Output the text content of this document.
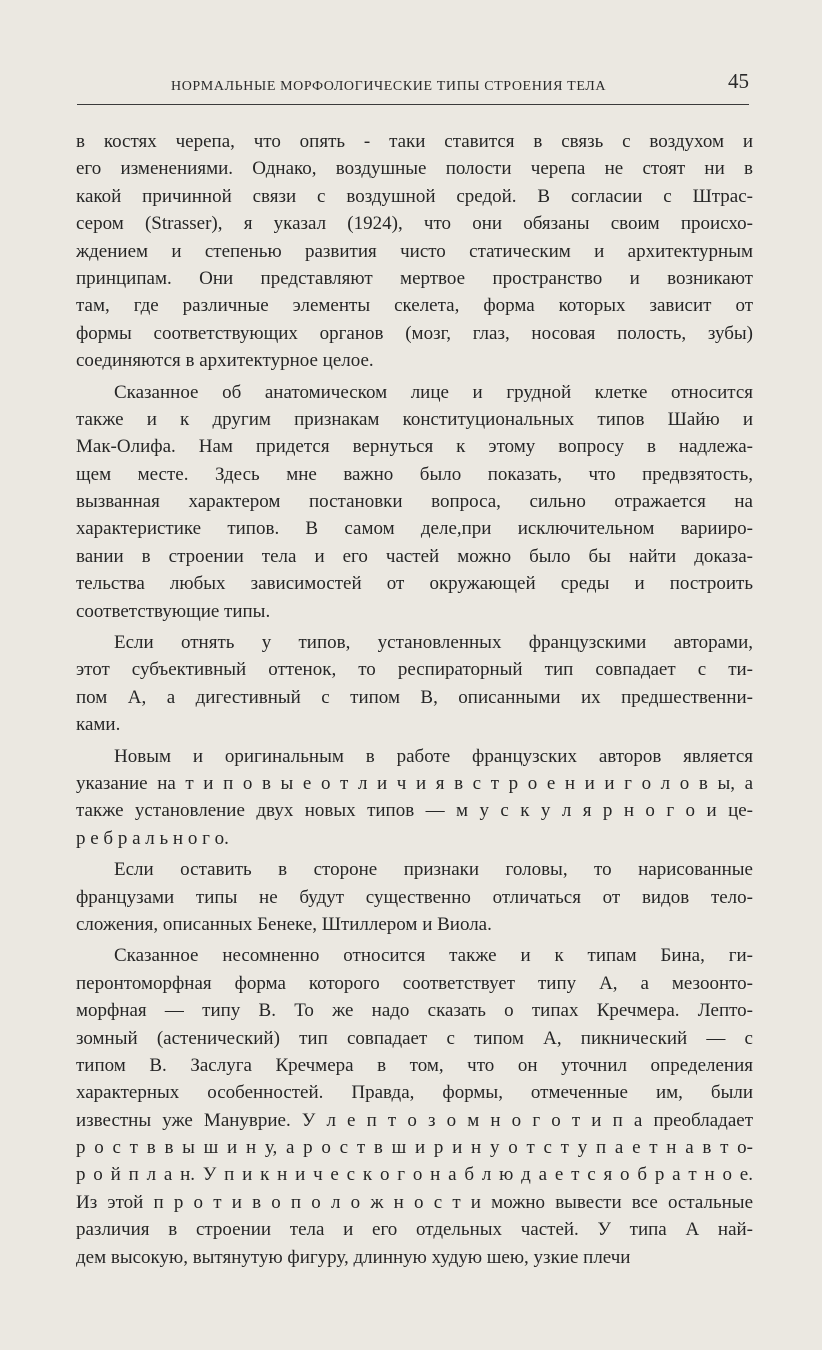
НОРМАЛЬНЫЕ МОРФОЛОГИЧЕСКИЕ ТИПЫ СТРОЕНИЯ ТЕЛА	45
в костях черепа, что опять - таки ставится в связь с воздухом и
его изменениями. Однако, воздушные полости черепа не стоят ни в
какой причинной связи с воздушной средой. В согласии с Штрас-
сером (Strasser), я указал (1924), что они обязаны своим происхо-
ждением и степенью развития чисто статическим и архитектурным
принципам. Они представляют мертвое пространство и возникают
там, где различные элементы скелета, форма которых зависит от
формы соответствующих органов (мозг, глаз, носовая полость, зубы)
соединяются в архитектурное целое.
Сказанное об анатомическом лице и грудной клетке относится
также и к другим признакам конституциональных типов Шайю и
Мак-Олифа. Нам придется вернуться к этому вопросу в надлежа-
щем месте. Здесь мне важно было показать, что предвзятость,
вызванная характером постановки вопроса, сильно отражается на
характеристике типов. В самом деле,при исключительном варииро-
вании в строении тела и его частей можно было бы найти доказа-
тельства любых зависимостей от окружающей среды и построить
соответствующие типы.
Если отнять у типов, установленных французскими авторами,
этот субъективный оттенок, то респираторный тип совпадает с ти-
пом А, а дигестивный с типом В, описанными их предшественни-
ками.
Новым и оригинальным в работе французских авторов является
указание на т и п о в ы е о т л и ч и я в с т р о е н и и г о л о в ы, а
также установление двух новых типов — м у с к у л я р н о г о и це-
р е б р а л ь н о г о.
Если оставить в стороне признаки головы, то нарисованные
французами типы не будут существенно отличаться от видов тело-
сложения, описанных Бенеке, Штиллером и Виола.
Сказанное несомненно относится также и к типам Бина, ги-
перонтоморфная форма которого соответствует типу А, а мезоонто-
морфная — типу В. То же надо сказать о типах Кречмера. Лепто-
зомный (астенический) тип совпадает с типом А, пикнический — с
типом В. Заслуга Кречмера в том, что он уточнил определения
характерных особенностей. Правда, формы, отмеченные им, были
известны уже Мануврие. У л е п т о з о м н о г о т и п а преобладает
р о с т в в ы ш и н у, а р о с т в ш и р и н у о т с т у п а е т н а в т о-
р о й п л а н. У п и к н и ч е с к о г о н а б л ю д а е т с я о б р а т н о е.
Из этой п р о т и в о п о л о ж н о с т и можно вывести все остальные
различия в строении тела и его отдельных частей. У типа А най-
дем высокую, вытянутую фигуру, длинную худую шею, узкие плечи
